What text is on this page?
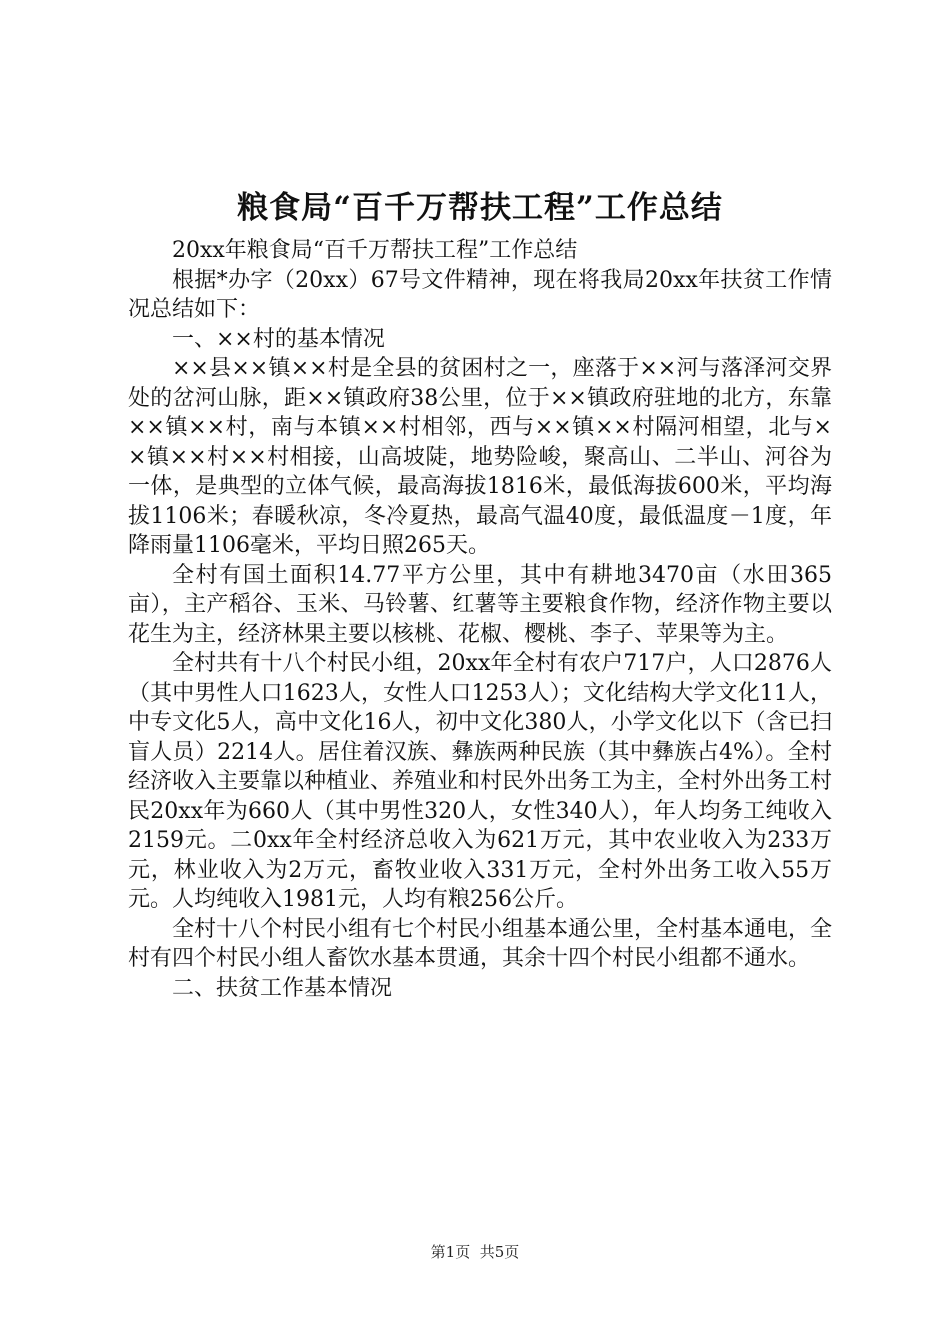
粮食局“百千万帮扶工程”工作总结

20xx年粮食局“百千万帮扶工程”工作总结

根据*办字（20xx）67号文件精神，现在将我局20xx年扶贫工作情况总结如下：

一、××村的基本情况

××县××镇××村是全县的贫困村之一，座落于××河与落泽河交界处的岔河山脉，距××镇政府38公里，位于××镇政府驻地的北方，东靠××镇××村，南与本镇××村相邻，西与××镇××村隔河相望，北与××镇××村××村相接，山高坡陡，地势险峻，聚高山、二半山、河谷为一体，是典型的立体气候，最高海拔1816米，最低海拔600米，平均海拔1106米；春暖秋凉，冬冷夏热，最高气温40度，最低温度－1度，年降雨量1106毫米，平均日照265天。

全村有国土面积14.77平方公里，其中有耕地3470亩（水田365亩），主产稻谷、玉米、马铃薯、红薯等主要粮食作物，经济作物主要以花生为主，经济林果主要以核桃、花椒、樱桃、李子、苹果等为主。

全村共有十八个村民小组，20xx年全村有农户717户，人口2876人（其中男性人口1623人，女性人口1253人）；文化结构大学文化11人，中专文化5人，高中文化16人，初中文化380人，小学文化以下（含已扫盲人员）2214人。居住着汉族、彝族两种民族（其中彝族占4%）。全村经济收入主要靠以种植业、养殖业和村民外出务工为主，全村外出务工村民20xx年为660人（其中男性320人，女性340人），年人均务工纯收入2159元。二0xx年全村经济总收入为621万元，其中农业收入为233万元，林业收入为2万元，畜牧业收入331万元，全村外出务工收入55万元。人均纯收入1981元，人均有粮256公斤。

全村十八个村民小组有七个村民小组基本通公里，全村基本通电，全村有四个村民小组人畜饮水基本贯通，其余十四个村民小组都不通水。

二、扶贫工作基本情况

第1页 共5页
